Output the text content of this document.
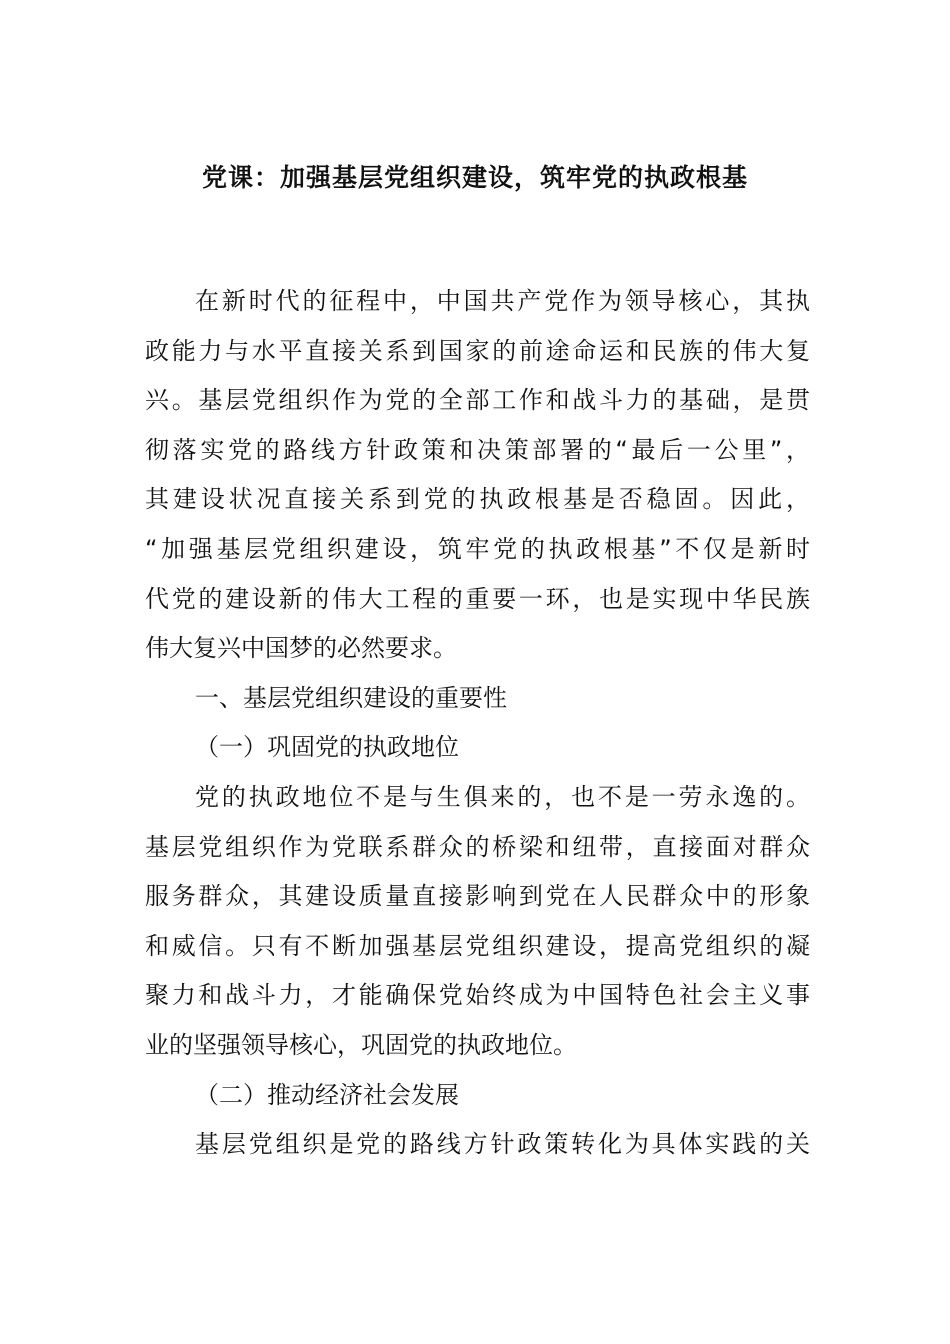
党课：加强基层党组织建设，筑牢党的执政根基
在新时代的征程中，中国共产党作为领导核心，其执
政能力与水平直接关系到国家的前途命运和民族的伟大复
兴。基层党组织作为党的全部工作和战斗力的基础，是贯
彻落实党的路线方针政策和决策部署的“最后一公里”，
其建设状况直接关系到党的执政根基是否稳固。因此，
“加强基层党组织建设，筑牢党的执政根基”不仅是新时
代党的建设新的伟大工程的重要一环，也是实现中华民族
伟大复兴中国梦的必然要求。
一、基层党组织建设的重要性
（一）巩固党的执政地位
党的执政地位不是与生俱来的，也不是一劳永逸的。
基层党组织作为党联系群众的桥梁和纽带，直接面对群众
服务群众，其建设质量直接影响到党在人民群众中的形象
和威信。只有不断加强基层党组织建设，提高党组织的凝
聚力和战斗力，才能确保党始终成为中国特色社会主义事
业的坚强领导核心，巩固党的执政地位。
（二）推动经济社会发展
基层党组织是党的路线方针政策转化为具体实践的关
